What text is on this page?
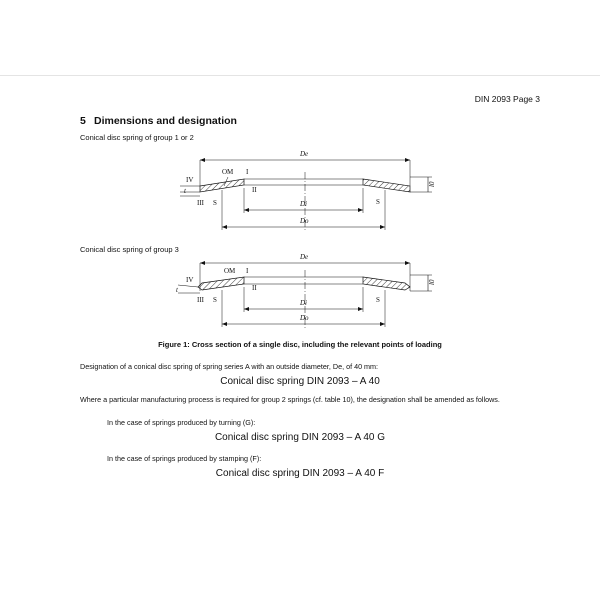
DIN 2093 Page 3
5 Dimensions and designation
Conical disc spring of group 1 or 2
Conical disc spring of group 3
De
l0
Di
Do
IV
t
III S
OM I
II
S
De
l0
Di
Do
IV
t
III S
OM I
II
S
Figure 1: Cross section of a single disc, including the relevant points of loading
Designation of a conical disc spring of spring series A with an outside diameter, De, of 40 mm:
Conical disc spring DIN 2093 – A 40
Where a particular manufacturing process is required for group 2 springs (cf. table 10), the designation shall be amended as follows.
In the case of springs produced by turning (G):
Conical disc spring DIN 2093 – A 40 G
In the case of springs produced by stamping (F):
Conical disc spring DIN 2093 – A 40 F
